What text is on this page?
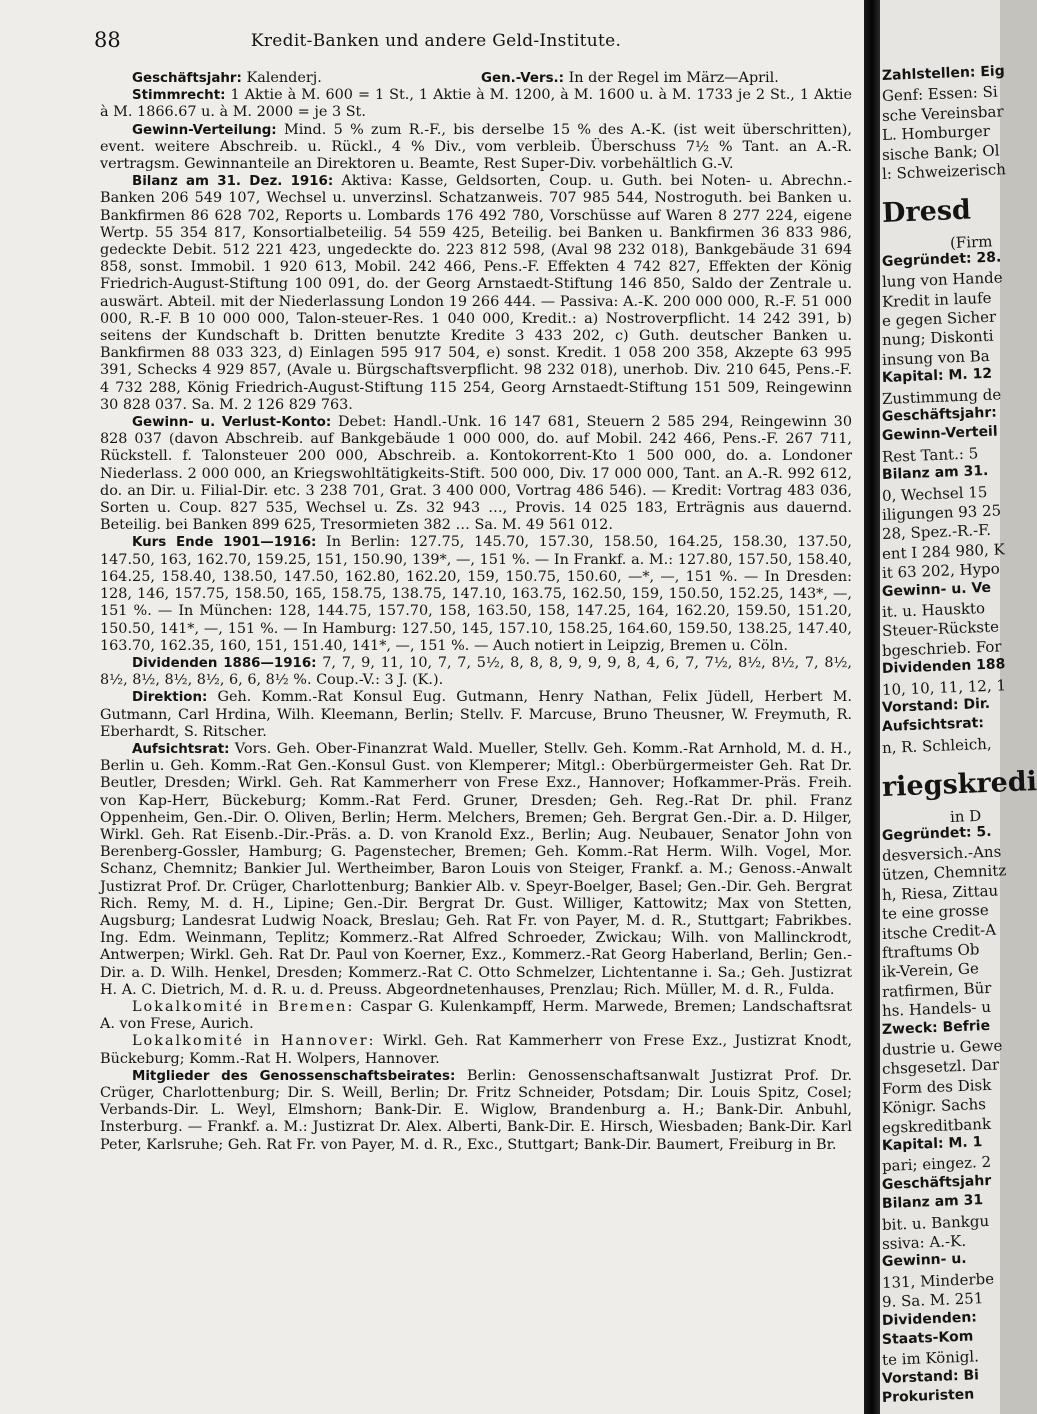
88	Kredit-Banken und andere Geld-Institute.
Geschäftsjahr: Kalenderj.	Gen.-Vers.: In der Regel im März—April.

Stimmrecht: 1 Aktie à M. 600 = 1 St., 1 Aktie à M. 1200, à M. 1600 u. à M. 1733 je 2 St., 1 Aktie à M. 1866.67 u. à M. 2000 = je 3 St.

Gewinn-Verteilung: Mind. 5 % zum R.-F., bis derselbe 15 % des A.-K. (ist weit überschritten), event. weitere Abschreib. u. Rückl., 4 % Div., vom verbleib. Überschuss 7½ % Tant. an A.-R. vertragsm. Gewinnanteile an Direktoren u. Beamte, Rest Super-Div. vorbehältlich G.-V.

Bilanz am 31. Dez. 1916: Aktiva: Kasse, Geldsorten, Coup. u. Guth. bei Noten- u. Abrechn.-Banken 206 549 107, Wechsel u. unverzinsl. Schatzanweis. 707 985 544, Nostroguth. bei Banken u. Bankfirmen 86 628 702, Reports u. Lombards 176 492 780, Vorschüsse auf Waren 8 277 224, eigene Wertp. 55 354 817, Konsortialbeteilig. 54 559 425, Beteilig. bei Banken u. Bankfirmen 36 833 986, gedeckte Debit. 512 221 423, ungedeckte do. 223 812 598, (Aval 98 232 018), Bankgebäude 31 694 858, sonst. Immobil. 1 920 613, Mobil. 242 466, Pens.-F. Effekten 4 742 827, Effekten der König Friedrich-August-Stiftung 100 091, do. der Georg Arnstaedt-Stiftung 146 850, Saldo der Zentrale u. auswärt. Abteil. mit der Niederlassung London 19 266 444. — Passiva: A.-K. 200 000 000, R.-F. 51 000 000, R.-F. B 10 000 000, Talon-steuer-Res. 1 040 000, Kredit.: a) Nostroverpflicht. 14 242 391, b) seitens der Kundschaft b. Dritten benutzte Kredite 3 433 202, c) Guth. deutscher Banken u. Bankfirmen 88 033 323, d) Einlagen 595 917 504, e) sonst. Kredit. 1 058 200 358, Akzepte 63 995 391, Schecks 4 929 857, (Avale u. Bürgschaftsverpflicht. 98 232 018), unerhob. Div. 210 645, Pens.-F. 4 732 288, König Friedrich-August-Stiftung 115 254, Georg Arnstaedt-Stiftung 151 509, Reingewinn 30 828 037. Sa. M. 2 126 829 763.

Gewinn- u. Verlust-Konto: Debet: Handl.-Unk. 16 147 681, Steuern 2 585 294, Reingewinn 30 828 037 (davon Abschreib. auf Bankgebäude 1 000 000, do. auf Mobil. 242 466, Pens.-F. 267 711, Rückstell. f. Talonsteuer 200 000, Abschreib. a. Kontokorrent-Kto 1 500 000, do. a. Londoner Niederlass. 2 000 000, an Kriegswohltätigkeits-Stift. 500 000, Div. 17 000 000, Tant. an A.-R. 992 612, do. an Dir. u. Filial-Dir. etc. 3 238 701, Grat. 3 400 000, Vortrag 486 546). — Kredit: Vortrag 483 036, Sorten u. Coup. 827 535, Wechsel u. Zs. 32 943 …, Provis. 14 025 183, Erträgnis aus dauernd. Beteilig. bei Banken 899 625, Tresormieten 382 … Sa. M. 49 561 012.

Kurs Ende 1901—1916: In Berlin: 127.75, 145.70, 157.30, 158.50, 164.25, 158.30, 137.50, 147.50, 163, 162.70, 159.25, 151, 150.90, 139*, —, 151 %. — In Frankf. a. M.: 127.80, 157.50, 158.40, 164.25, 158.40, 138.50, 147.50, 162.80, 162.20, 159, 150.75, 150.60, —*, —, 151 %. — In Dresden: 128, 146, 157.75, 158.50, 165, 158.75, 138.75, 147.10, 163.75, 162.50, 159, 150.50, 152.25, 143*, —, 151 %. — In München: 128, 144.75, 157.70, 158, 163.50, 158, 147.25, 164, 162.20, 159.50, 151.20, 150.50, 141*, —, 151 %. — In Hamburg: 127.50, 145, 157.10, 158.25, 164.60, 159.50, 138.25, 147.40, 163.70, 162.35, 160, 151, 151.40, 141*, —, 151 %. — Auch notiert in Leipzig, Bremen u. Cöln.

Dividenden 1886—1916: 7, 7, 9, 11, 10, 7, 7, 5½, 8, 8, 8, 9, 9, 9, 8, 4, 6, 7, 7½, 8½, 8½, 7, 8½, 8½, 8½, 8½, 8½, 6, 6, 8½ %. Coup.-V.: 3 J. (K.).

Direktion: Geh. Komm.-Rat Konsul Eug. Gutmann, Henry Nathan, Felix Jüdell, Herbert M. Gutmann, Carl Hrdina, Wilh. Kleemann, Berlin; Stellv. F. Marcuse, Bruno Theusner, W. Freymuth, R. Eberhardt, S. Ritscher.

Aufsichtsrat: Vors. Geh. Ober-Finanzrat Wald. Mueller, Stellv. Geh. Komm.-Rat Arnhold, M. d. H., Berlin u. Geh. Komm.-Rat Gen.-Konsul Gust. von Klemperer; Mitgl.: Oberbürgermeister Geh. Rat Dr. Beutler, Dresden; Wirkl. Geh. Rat Kammerherr von Frese Exz., Hannover; Hofkammer-Präs. Freih. von Kap-Herr, Bückeburg; Komm.-Rat Ferd. Gruner, Dresden; Geh. Reg.-Rat Dr. phil. Franz Oppenheim, Gen.-Dir. O. Oliven, Berlin; Herm. Melchers, Bremen; Geh. Bergrat Gen.-Dir. a. D. Hilger, Wirkl. Geh. Rat Eisenb.-Dir.-Präs. a. D. von Kranold Exz., Berlin; Aug. Neubauer, Senator John von Berenberg-Gossler, Hamburg; G. Pagenstecher, Bremen; Geh. Komm.-Rat Herm. Wilh. Vogel, Mor. Schanz, Chemnitz; Bankier Jul. Wertheimber, Baron Louis von Steiger, Frankf. a. M.; Genoss.-Anwalt Justizrat Prof. Dr. Crüger, Charlottenburg; Bankier Alb. v. Speyr-Boelger, Basel; Gen.-Dir. Geh. Bergrat Rich. Remy, M. d. H., Lipine; Gen.-Dir. Bergrat Dr. Gust. Williger, Kattowitz; Max von Stetten, Augsburg; Landesrat Ludwig Noack, Breslau; Geh. Rat Fr. von Payer, M. d. R., Stuttgart; Fabrikbes. Ing. Edm. Weinmann, Teplitz; Kommerz.-Rat Alfred Schroeder, Zwickau; Wilh. von Mallinckrodt, Antwerpen; Wirkl. Geh. Rat Dr. Paul von Koerner, Exz., Kommerz.-Rat Georg Haberland, Berlin; Gen.-Dir. a. D. Wilh. Henkel, Dresden; Kommerz.-Rat C. Otto Schmelzer, Lichtentanne i. Sa.; Geh. Justizrat H. A. C. Dietrich, M. d. R. u. d. Preuss. Abgeordnetenhauses, Prenzlau; Rich. Müller, M. d. R., Fulda.

Lokalkomité in Bremen: Caspar G. Kulenkampff, Herm. Marwede, Bremen; Landschaftsrat A. von Frese, Aurich.

Lokalkomité in Hannover: Wirkl. Geh. Rat Kammerherr von Frese Exz., Justizrat Knodt, Bückeburg; Komm.-Rat H. Wolpers, Hannover.

Mitglieder des Genossenschaftsbeirates: Berlin: Genossenschaftsanwalt Justizrat Prof. Dr. Crüger, Charlottenburg; Dir. S. Weill, Berlin; Dr. Fritz Schneider, Potsdam; Dir. Louis Spitz, Cosel; Verbands-Dir. L. Weyl, Elmshorn; Bank-Dir. E. Wiglow, Brandenburg a. H.; Bank-Dir. Anbuhl, Insterburg. — Frankf. a. M.: Justizrat Dr. Alex. Alberti, Bank-Dir. E. Hirsch, Wiesbaden; Bank-Dir. Karl Peter, Karlsruhe; Geh. Rat Fr. von Payer, M. d. R., Exc., Stuttgart; Bank-Dir. Baumert, Freiburg in Br.

Zahlstellen: Eig
Genf: Essen: Si
sche Vereinsbar
L. Homburger
sische Bank; Ol
l: Schweizerisch
Dresd
(Firm
Gegründet: 28.
lung von Hande
Kredit in laufe
e gegen Sicher
nung; Diskonti
insung von Ba
Kapital: M. 12
Zustimmung de
Geschäftsjahr:
Gewinn-Verteil
Rest Tant.: 5
Bilanz am 31.
0, Wechsel 15
iligungen 93 25
28, Spez.-R.-F.
ent I 284 980, K
it 63 202, Hypo
Gewinn- u. Ve
it. u. Hauskto
Steuer-Rückste
bgeschrieb. For
Dividenden 188
10, 10, 11, 12, 1
Vorstand: Dir.
Aufsichtsrat:
n, R. Schleich,
riegskredi
in D
Gegründet: 5.
desversich.-Ans
ützen, Chemnitz
h, Riesa, Zittau
te eine grosse
itsche Credit-A
ftraftums Ob
ik-Verein, Ge
ratfirmen, Bür
hs. Handels- u
Zweck: Befrie
dustrie u. Gewe
chsgesetzl. Dar
Form des Disk
Königr. Sachs
egskreditbank
Kapital: M. 1
pari; eingez. 2
Geschäftsjahr
Bilanz am 31
bit. u. Bankgu
ssiva: A.-K.
Gewinn- u.
131, Minderbe
9. Sa. M. 251
Dividenden:
Staats-Kom
te im Königl.
Vorstand: Bi
Prokuristen
